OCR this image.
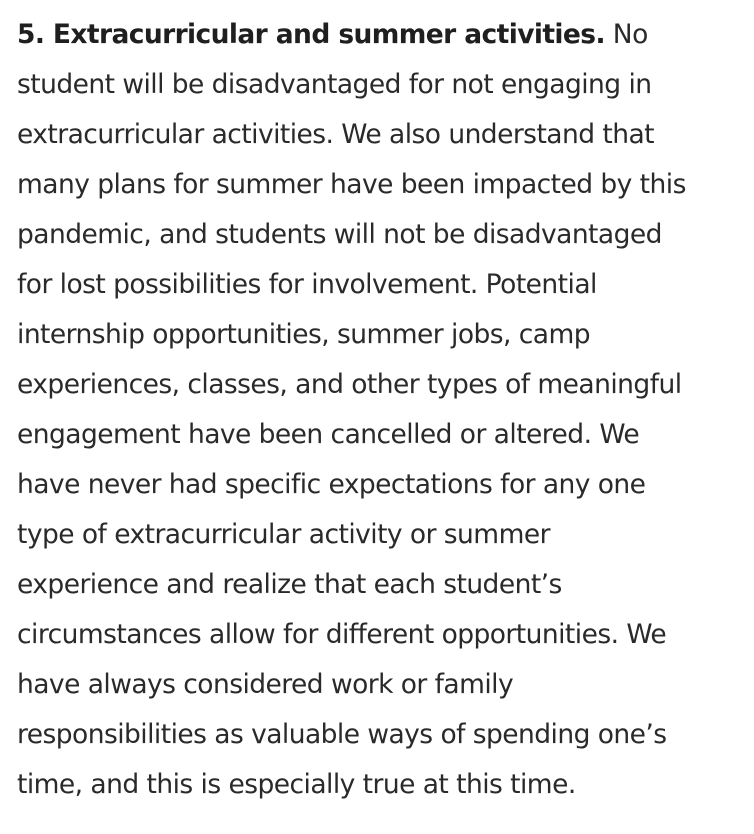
5. Extracurricular and summer activities. No
student will be disadvantaged for not engaging in
extracurricular activities. We also understand that
many plans for summer have been impacted by this
pandemic, and students will not be disadvantaged
for lost possibilities for involvement. Potential
internship opportunities, summer jobs, camp
experiences, classes, and other types of meaningful
engagement have been cancelled or altered. We
have never had specific expectations for any one
type of extracurricular activity or summer
experience and realize that each student’s
circumstances allow for different opportunities. We
have always considered work or family
responsibilities as valuable ways of spending one’s
time, and this is especially true at this time.
